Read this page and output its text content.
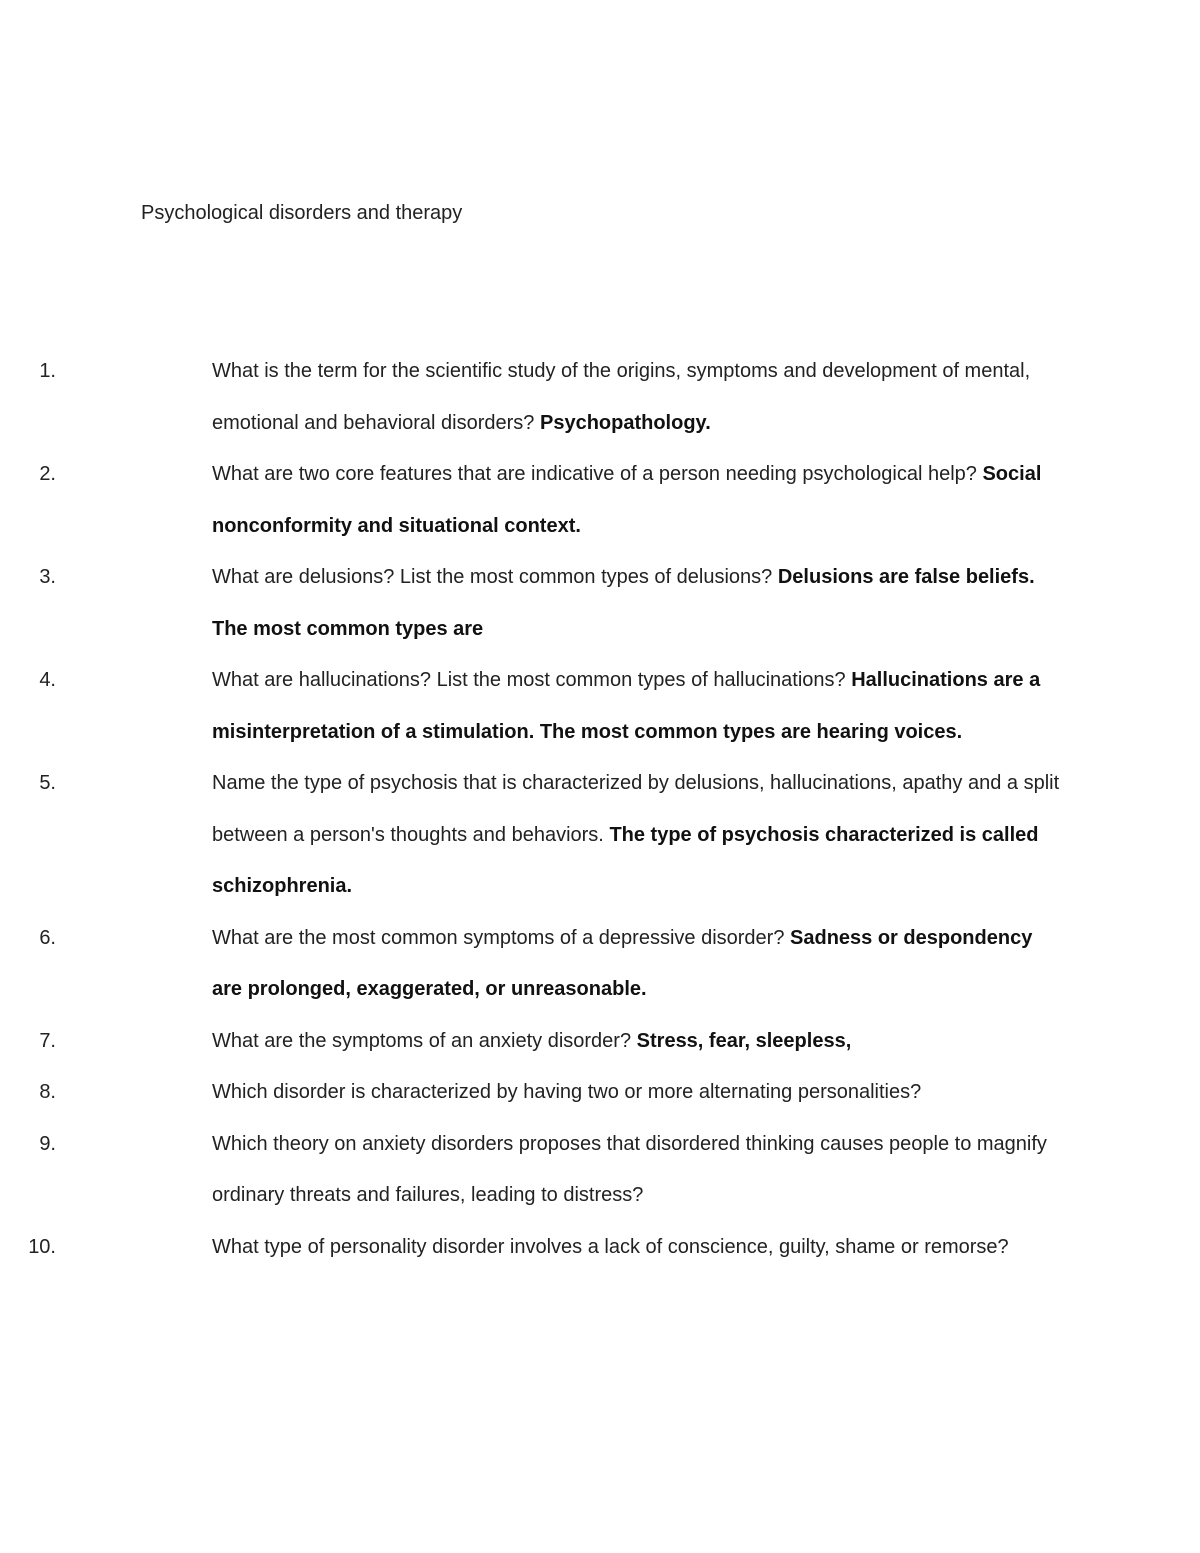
Psychological disorders and therapy
1.	What is the term for the scientific study of the origins, symptoms and development of mental, emotional and behavioral disorders? Psychopathology.
2.	What are two core features that are indicative of a person needing psychological help? Social nonconformity and situational context.
3.	What are delusions? List the most common types of delusions? Delusions are false beliefs. The most common types are
4.	What are hallucinations? List the most common types of hallucinations? Hallucinations are a misinterpretation of a stimulation. The most common types are hearing voices.
5.	Name the type of psychosis that is characterized by delusions, hallucinations, apathy and a split between a person's thoughts and behaviors. The type of psychosis characterized is called schizophrenia.
6.	What are the most common symptoms of a depressive disorder? Sadness or despondency are prolonged, exaggerated, or unreasonable.
7.	What are the symptoms of an anxiety disorder? Stress, fear, sleepless,
8.	Which disorder is characterized by having two or more alternating personalities?
9.	Which theory on anxiety disorders proposes that disordered thinking causes people to magnify ordinary threats and failures, leading to distress?
10.	What type of personality disorder involves a lack of conscience, guilty, shame or remorse?
